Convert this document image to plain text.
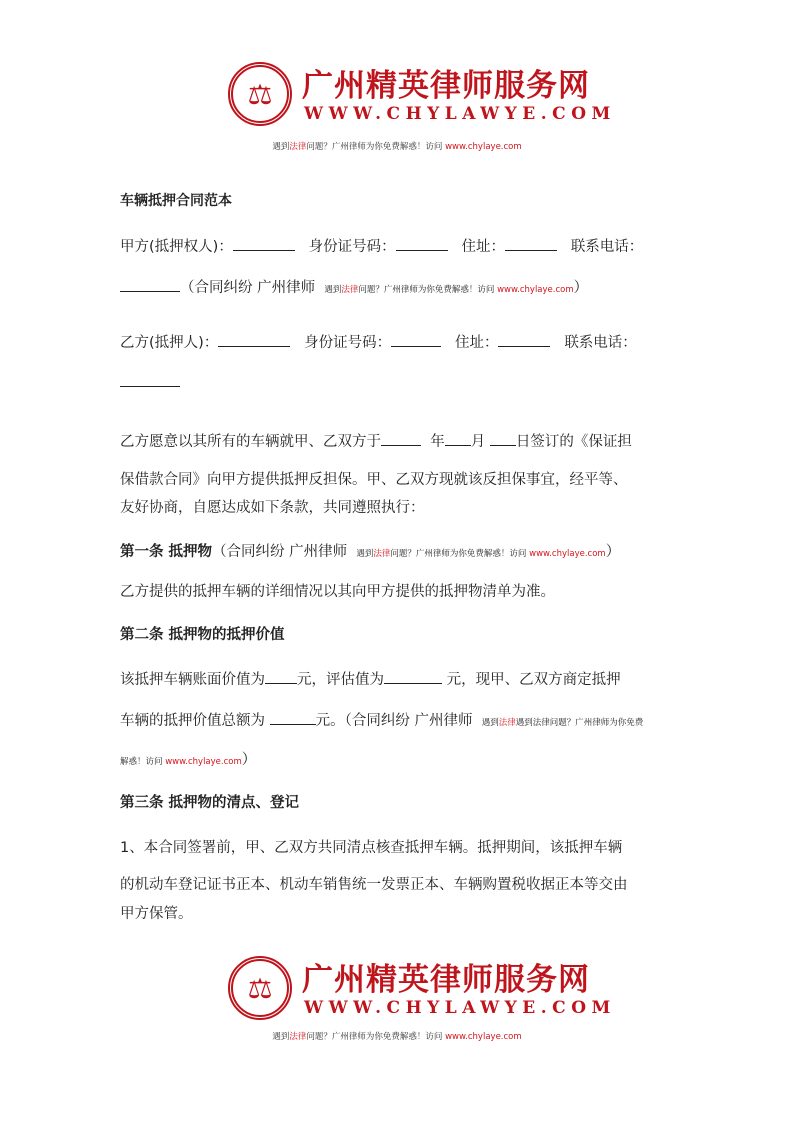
⚖ 广州精英律师服务网
WWW.CHYLAWYE.COM
遇到法律问题？广州律师为你免费解惑！访问 www.chylaye.com
车辆抵押合同范本
甲方(抵押权人)：	身份证号码：	住址：	联系电话：
（合同纠纷 广州律师 遇到法律问题？广州律师为你免费解惑！访问 www.chylaye.com）
乙方(抵押人)：	身份证号码：	住址：	联系电话：
乙方愿意以其所有的车辆就甲、乙双方于	年 月 日签订的《保证担
保借款合同》向甲方提供抵押反担保。甲、乙双方现就该反担保事宜，经平等、
友好协商，自愿达成如下条款，共同遵照执行：
第一条 抵押物（合同纠纷 广州律师 遇到法律问题？广州律师为你免费解惑！访问 www.chylaye.com）
乙方提供的抵押车辆的详细情况以其向甲方提供的抵押物清单为准。
第二条 抵押物的抵押价值
该抵押车辆账面价值为 元，评估值为	元，现甲、乙双方商定抵押
车辆的抵押价值总额为	元。（合同纠纷 广州律师 遇到法律遇到法律问题？广州律师为你免费
解惑！访问 www.chylaye.com）
第三条 抵押物的清点、登记
1、本合同签署前，甲、乙双方共同清点核查抵押车辆。抵押期间，该抵押车辆
的机动车登记证书正本、机动车销售统一发票正本、车辆购置税收据正本等交由
甲方保管。
⚖ 广州精英律师服务网
WWW.CHYLAWYE.COM
遇到法律问题？广州律师为你免费解惑！访问 www.chylaye.com
